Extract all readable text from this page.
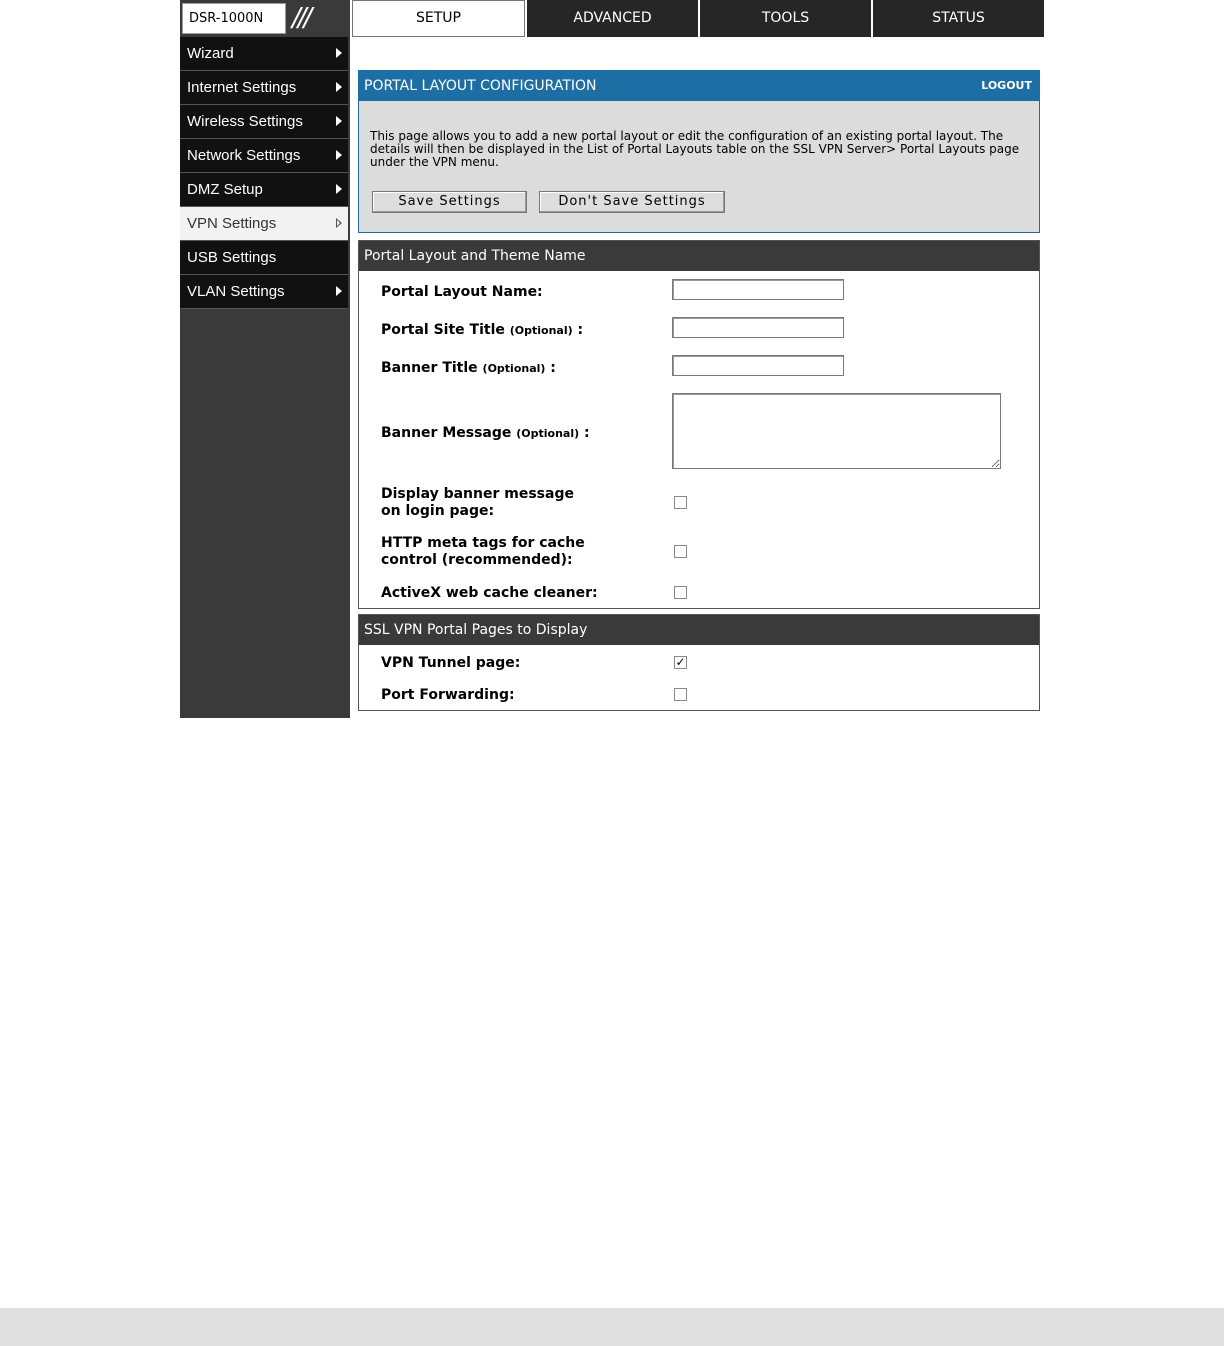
DSR-1000N	///	SETUP	ADVANCED	TOOLS	STATUS
Wizard
Internet Settings
Wireless Settings
Network Settings
DMZ Setup
VPN Settings
USB Settings
VLAN Settings
PORTAL LAYOUT CONFIGURATION	LOGOUT
This page allows you to add a new portal layout or edit the configuration of an existing portal layout. The details will then be displayed in the List of Portal Layouts table on the SSL VPN Server> Portal Layouts page under the VPN menu.
Save Settings	Don't Save Settings
Portal Layout and Theme Name
Portal Layout Name:
Portal Site Title (Optional) :
Banner Title (Optional) :
Banner Message (Optional) :
Display banner message
on login page:
HTTP meta tags for cache
control (recommended):
ActiveX web cache cleaner:
SSL VPN Portal Pages to Display
VPN Tunnel page:	✓
Port Forwarding:
